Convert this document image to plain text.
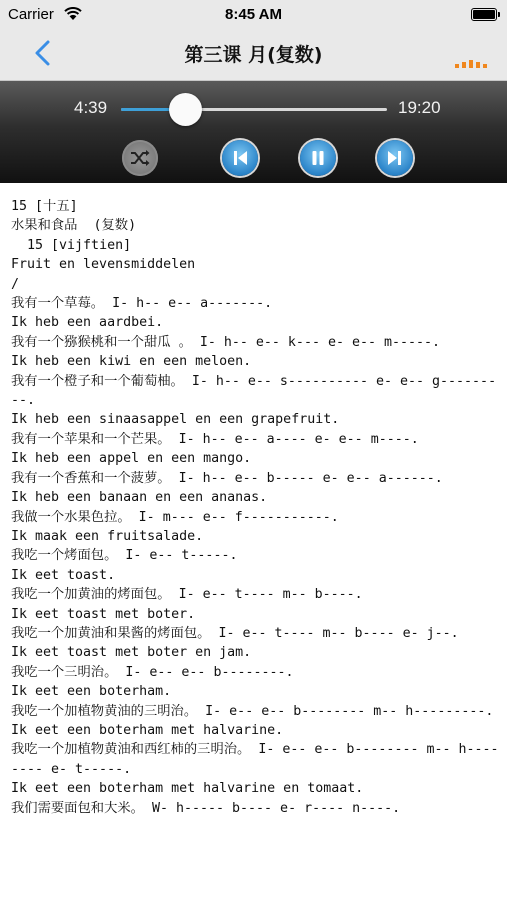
Carrier	8:45 AM
第三课 月(复数)
4:39	19:20
15 [十五]
水果和食品  (复数)
15 [vijftien]
Fruit en levensmiddelen
/
我有一个草莓。 I- h-- e-- a-------.
Ik heb een aardbei.
我有一个猕猴桃和一个甜瓜 。 I- h-- e-- k--- e- e-- m-----.
Ik heb een kiwi en een meloen.
我有一个橙子和一个葡萄柚。 I- h-- e-- s---------- e- e-- g---------.
Ik heb een sinaasappel en een grapefruit.
我有一个苹果和一个芒果。 I- h-- e-- a---- e- e-- m----.
Ik heb een appel en een mango.
我有一个香蕉和一个菠萝。 I- h-- e-- b----- e- e-- a------.
Ik heb een banaan en een ananas.
我做一个水果色拉。 I- m--- e-- f-----------.
Ik maak een fruitsalade.
我吃一个烤面包。 I- e-- t-----.
Ik eet toast.
我吃一个加黄油的烤面包。 I- e-- t---- m-- b----.
Ik eet toast met boter.
我吃一个加黄油和果酱的烤面包。 I- e-- t---- m-- b---- e- j--.
Ik eet toast met boter en jam.
我吃一个三明治。 I- e-- e-- b--------.
Ik eet een boterham.
我吃一个加植物黄油的三明治。 I- e-- e-- b-------- m-- h---------.
Ik eet een boterham met halvarine.
我吃一个加植物黄油和西红柿的三明治。 I- e-- e-- b-------- m-- h-------- e- t-----.
Ik eet een boterham met halvarine en tomaat.
我们需要面包和大米。 W- h----- b---- e- r---- n----.
